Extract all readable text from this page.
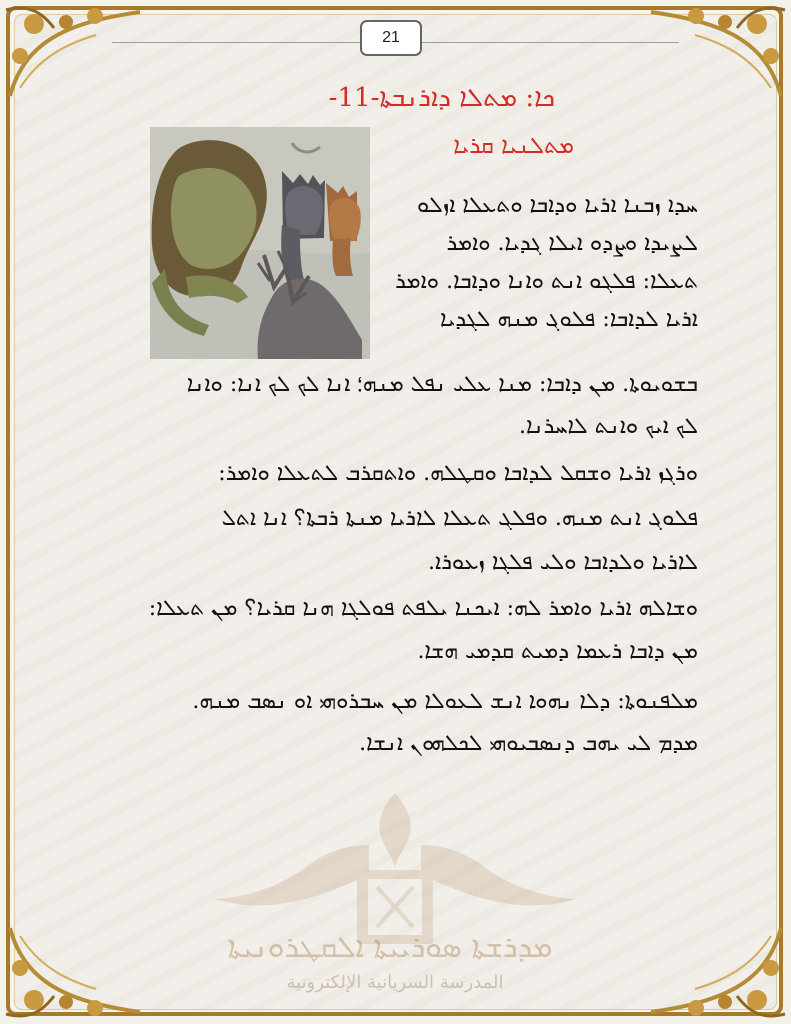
21
ܟܐ: ܡܬܠܐ ܕܐܪܢܒܬܐ-11-
ܡܬܠܢܝܐ ܩܪܝܐ
ܚܕܐ ܙܒܢܐ ܐܪܝܐ ܘܕܐܒܐ ܘܬܥܠܐ ܐܙܠܘ
ܠܨܝܕܐ ܘܨܕܘ ܐܝܠܐ ܓܕܝܐ. ܘܐܡܪ
ܬܥܠܐ: ܦܠܓܘ ܐܢܬ ܘܐܢܐ ܘܕܐܒܐ. ܘܐܡܪ
ܐܪܝܐ ܠܕܐܒܐ: ܦܠܘܓ ܡܢܗ ܠܓܕܝܐ
ܒܫܘܝܘܬܐ. ܡܢ ܕܐܒܐ: ܡܢܐ ܥܠܝ ܢܦܠ ܡܢܗ؛ ܐܢܐ ܠܟ ܠܟ ܐܢܐ: ܘܐܢܐ
ܠܟ ܐܝܟ ܘܐܢܬ ܠܐܚܪܢܐ.
ܘܪܓܙ ܐܪܝܐ ܘܫܩܠ ܠܕܐܒܐ ܘܩܛܠܗ. ܘܐܬܩܪܒ ܠܬܥܠܐ ܘܐܡܪ:
ܦܠܘܓ ܐܢܬ ܡܢܗ. ܘܦܠܓ ܬܥܠܐ ܠܐܪܝܐ ܡܢܬܐ ܪܒܬܐ؟ ܐܢܐ ܐܬܠ
ܠܐܪܝܐ ܘܠܕܐܒܐ ܘܠܝ ܦܠܓܐ ܙܥܘܪܐ.
ܘܫܐܠܗ ܐܪܝܐ ܘܐܡܪ ܠܗ: ܐܝܟܢܐ ܝܠܦܬ ܦܘܠܓܐ ܗܢܐ ܩܪܝܐ؟ ܡܢ ܬܥܠܐ:
ܡܢ ܕܐܒܐ ܪܥܡܐ ܕܡܝܬ ܩܕܡܝ ܗܫܐ.
ܡܠܦܢܘܬܐ: ܕܠܐ ܢܗܘܐ ܐܢܫ ܠܥܘܠܐ ܡܢ ܚܒܪܘܗܝ ܐܘ ܢܣܒ ܡܢܗ.
ܡܕܡ ܠܝ ܝܗܒ ܕܢܣܒܝܘܗܝ ܠܟܠܗܘܢ ܐܢܫܐ.
ܡܕܪܫܬܐ ܣܘܪܝܝܬܐ ܐܠܩܛܪܘܢܝܬܐ
المدرسة السريانية الإلكترونية
